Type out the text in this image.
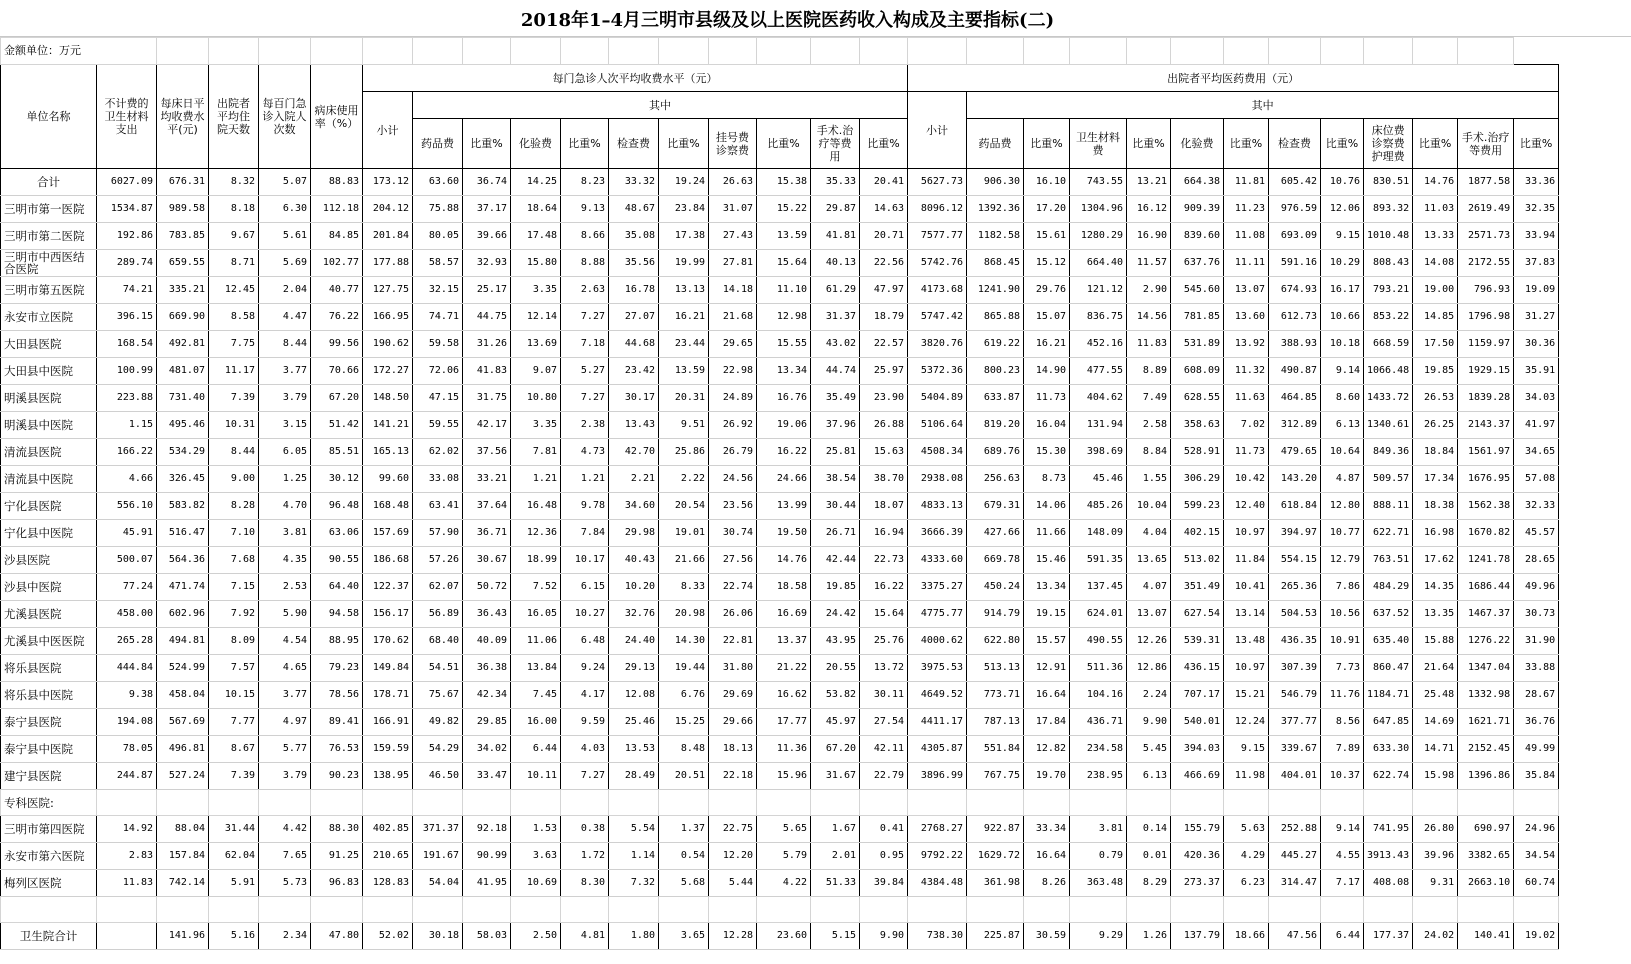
2018年1–4月三明市县级及以上医院医药收入构成及主要指标(二)
金额单位：万元																													
单位名称	不计费的卫生材料支出	每床日平均收费水平(元)	出院者平均住院天数	每百门急诊入院人次数	病床使用率（%）	每门急诊人次平均收费水平（元）											出院者平均医药费用（元）												
						小计	其中										小计	其中											
							药品费	比重%	化验费	比重%	检查费	比重%	挂号费诊察费	比重%	手术.治疗等费用	比重%		药品费	比重%	卫生材料费	比重%	化验费	比重%	检查费	比重%	床位费诊察费护理费	比重%	手术.治疗等费用	比重%
合计	6027.09	676.31	8.32	5.07	88.83	173.12	63.60	36.74	14.25	8.23	33.32	19.24	26.63	15.38	35.33	20.41	5627.73	906.30	16.10	743.55	13.21	664.38	11.81	605.42	10.76	830.51	14.76	1877.58	33.36
三明市第一医院	1534.87	989.58	8.18	6.30	112.18	204.12	75.88	37.17	18.64	9.13	48.67	23.84	31.07	15.22	29.87	14.63	8096.12	1392.36	17.20	1304.96	16.12	909.39	11.23	976.59	12.06	893.32	11.03	2619.49	32.35
三明市第二医院	192.86	783.85	9.67	5.61	84.85	201.84	80.05	39.66	17.48	8.66	35.08	17.38	27.43	13.59	41.81	20.71	7577.77	1182.58	15.61	1280.29	16.90	839.60	11.08	693.09	9.15	1010.48	13.33	2571.73	33.94
三明市中西医结合医院	289.74	659.55	8.71	5.69	102.77	177.88	58.57	32.93	15.80	8.88	35.56	19.99	27.81	15.64	40.13	22.56	5742.76	868.45	15.12	664.40	11.57	637.76	11.11	591.16	10.29	808.43	14.08	2172.55	37.83
三明市第五医院	74.21	335.21	12.45	2.04	40.77	127.75	32.15	25.17	3.35	2.63	16.78	13.13	14.18	11.10	61.29	47.97	4173.68	1241.90	29.76	121.12	2.90	545.60	13.07	674.93	16.17	793.21	19.00	796.93	19.09
永安市立医院	396.15	669.90	8.58	4.47	76.22	166.95	74.71	44.75	12.14	7.27	27.07	16.21	21.68	12.98	31.37	18.79	5747.42	865.88	15.07	836.75	14.56	781.85	13.60	612.73	10.66	853.22	14.85	1796.98	31.27
大田县医院	168.54	492.81	7.75	8.44	99.56	190.62	59.58	31.26	13.69	7.18	44.68	23.44	29.65	15.55	43.02	22.57	3820.76	619.22	16.21	452.16	11.83	531.89	13.92	388.93	10.18	668.59	17.50	1159.97	30.36
大田县中医院	100.99	481.07	11.17	3.77	70.66	172.27	72.06	41.83	9.07	5.27	23.42	13.59	22.98	13.34	44.74	25.97	5372.36	800.23	14.90	477.55	8.89	608.09	11.32	490.87	9.14	1066.48	19.85	1929.15	35.91
明溪县医院	223.88	731.40	7.39	3.79	67.20	148.50	47.15	31.75	10.80	7.27	30.17	20.31	24.89	16.76	35.49	23.90	5404.89	633.87	11.73	404.62	7.49	628.55	11.63	464.85	8.60	1433.72	26.53	1839.28	34.03
明溪县中医院	1.15	495.46	10.31	3.15	51.42	141.21	59.55	42.17	3.35	2.38	13.43	9.51	26.92	19.06	37.96	26.88	5106.64	819.20	16.04	131.94	2.58	358.63	7.02	312.89	6.13	1340.61	26.25	2143.37	41.97
清流县医院	166.22	534.29	8.44	6.05	85.51	165.13	62.02	37.56	7.81	4.73	42.70	25.86	26.79	16.22	25.81	15.63	4508.34	689.76	15.30	398.69	8.84	528.91	11.73	479.65	10.64	849.36	18.84	1561.97	34.65
清流县中医院	4.66	326.45	9.00	1.25	30.12	99.60	33.08	33.21	1.21	1.21	2.21	2.22	24.56	24.66	38.54	38.70	2938.08	256.63	8.73	45.46	1.55	306.29	10.42	143.20	4.87	509.57	17.34	1676.95	57.08
宁化县医院	556.10	583.82	8.28	4.70	96.48	168.48	63.41	37.64	16.48	9.78	34.60	20.54	23.56	13.99	30.44	18.07	4833.13	679.31	14.06	485.26	10.04	599.23	12.40	618.84	12.80	888.11	18.38	1562.38	32.33
宁化县中医院	45.91	516.47	7.10	3.81	63.06	157.69	57.90	36.71	12.36	7.84	29.98	19.01	30.74	19.50	26.71	16.94	3666.39	427.66	11.66	148.09	4.04	402.15	10.97	394.97	10.77	622.71	16.98	1670.82	45.57
沙县医院	500.07	564.36	7.68	4.35	90.55	186.68	57.26	30.67	18.99	10.17	40.43	21.66	27.56	14.76	42.44	22.73	4333.60	669.78	15.46	591.35	13.65	513.02	11.84	554.15	12.79	763.51	17.62	1241.78	28.65
沙县中医院	77.24	471.74	7.15	2.53	64.40	122.37	62.07	50.72	7.52	6.15	10.20	8.33	22.74	18.58	19.85	16.22	3375.27	450.24	13.34	137.45	4.07	351.49	10.41	265.36	7.86	484.29	14.35	1686.44	49.96
尤溪县医院	458.00	602.96	7.92	5.90	94.58	156.17	56.89	36.43	16.05	10.27	32.76	20.98	26.06	16.69	24.42	15.64	4775.77	914.79	19.15	624.01	13.07	627.54	13.14	504.53	10.56	637.52	13.35	1467.37	30.73
尤溪县中医医院	265.28	494.81	8.09	4.54	88.95	170.62	68.40	40.09	11.06	6.48	24.40	14.30	22.81	13.37	43.95	25.76	4000.62	622.80	15.57	490.55	12.26	539.31	13.48	436.35	10.91	635.40	15.88	1276.22	31.90
将乐县医院	444.84	524.99	7.57	4.65	79.23	149.84	54.51	36.38	13.84	9.24	29.13	19.44	31.80	21.22	20.55	13.72	3975.53	513.13	12.91	511.36	12.86	436.15	10.97	307.39	7.73	860.47	21.64	1347.04	33.88
将乐县中医院	9.38	458.04	10.15	3.77	78.56	178.71	75.67	42.34	7.45	4.17	12.08	6.76	29.69	16.62	53.82	30.11	4649.52	773.71	16.64	104.16	2.24	707.17	15.21	546.79	11.76	1184.71	25.48	1332.98	28.67
泰宁县医院	194.08	567.69	7.77	4.97	89.41	166.91	49.82	29.85	16.00	9.59	25.46	15.25	29.66	17.77	45.97	27.54	4411.17	787.13	17.84	436.71	9.90	540.01	12.24	377.77	8.56	647.85	14.69	1621.71	36.76
泰宁县中医院	78.05	496.81	8.67	5.77	76.53	159.59	54.29	34.02	6.44	4.03	13.53	8.48	18.13	11.36	67.20	42.11	4305.87	551.84	12.82	234.58	5.45	394.03	9.15	339.67	7.89	633.30	14.71	2152.45	49.99
建宁县医院	244.87	527.24	7.39	3.79	90.23	138.95	46.50	33.47	10.11	7.27	28.49	20.51	22.18	15.96	31.67	22.79	3896.99	767.75	19.70	238.95	6.13	466.69	11.98	404.01	10.37	622.74	15.98	1396.86	35.84
专科医院:																													
三明市第四医院	14.92	88.04	31.44	4.42	88.30	402.85	371.37	92.18	1.53	0.38	5.54	1.37	22.75	5.65	1.67	0.41	2768.27	922.87	33.34	3.81	0.14	155.79	5.63	252.88	9.14	741.95	26.80	690.97	24.96
永安市第六医院	2.83	157.84	62.04	7.65	91.25	210.65	191.67	90.99	3.63	1.72	1.14	0.54	12.20	5.79	2.01	0.95	9792.22	1629.72	16.64	0.79	0.01	420.36	4.29	445.27	4.55	3913.43	39.96	3382.65	34.54
梅列区医院	11.83	742.14	5.91	5.73	96.83	128.83	54.04	41.95	10.69	8.30	7.32	5.68	5.44	4.22	51.33	39.84	4384.48	361.98	8.26	363.48	8.29	273.37	6.23	314.47	7.17	408.08	9.31	2663.10	60.74

卫生院合计		141.96	5.16	2.34	47.80	52.02	30.18	58.03	2.50	4.81	1.80	3.65	12.28	23.60	5.15	9.90	738.30	225.87	30.59	9.29	1.26	137.79	18.66	47.56	6.44	177.37	24.02	140.41	19.02
